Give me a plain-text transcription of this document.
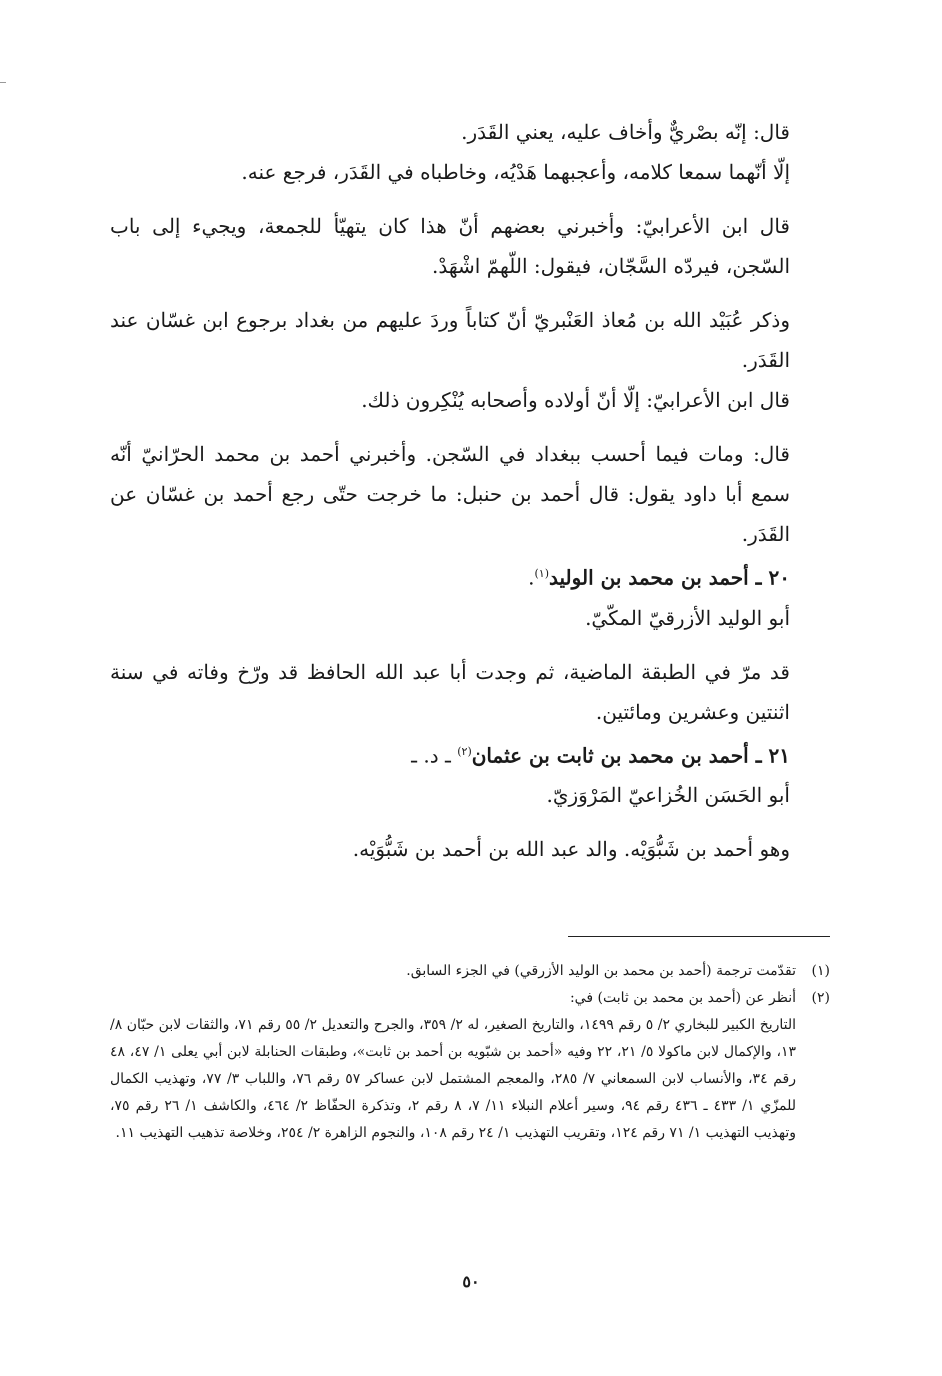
قال: إنّه بصْريٌّ وأخاف عليه، يعني القَدَر.

إلّا أنّهما سمعا كلامه، وأعجبهما هَدْيُه، وخاطباه في القَدَر، فرجع عنه.

قال ابن الأعرابيّ: وأخبرني بعضهم أنّ هذا كان يتهيّأ للجمعة، ويجيء إلى باب السّجن، فيردّه السَّجّان، فيقول: اللّهمّ اشْهَدْ.

وذكر عُبَيْد الله بن مُعاذ العَنْبريّ أنّ كتاباً وردَ عليهم من بغداد برجوع ابن غسّان عند القَدَر.

قال ابن الأعرابيّ: إلّا أنّ أولاده وأصحابه يُنْكِرون ذلك.

قال: ومات فيما أحسب ببغداد في السّجن. وأخبرني أحمد بن محمد الحرّانيّ أنّه سمع أبا داود يقول: قال أحمد بن حنبل: ما خرجت حتّى رجع أحمد بن غسّان عن القَدَر.

٢٠ ـ أحمد بن محمد بن الوليد$^{(١)}$.

أبو الوليد الأزرقيّ المكّيّ.

قد مرّ في الطبقة الماضية، ثم وجدت أبا عبد الله الحافظ قد ورّخ وفاته في سنة اثنتين وعشرين ومائتين.

٢١ ـ أحمد بن محمد بن ثابت بن عثمان$^{(٢)}$ ـ د. ـ

أبو الحَسَن الخُزاعيّ المَرْوَزيّ.

وهو أحمد بن شَبُّوَيْه. والد عبد الله بن أحمد بن شَبُّوَيْه.

(١)تقدّمت ترجمة (أحمد بن محمد بن الوليد الأزرقي) في الجزء السابق.

(٢)أنظر عن (أحمد بن محمد بن ثابت) في:

التاريخ الكبير للبخاري ٢/ ٥ رقم ١٤٩٩، والتاريخ الصغير، له ٢/ ٣٥٩، والجرح والتعديل ٢/ ٥٥ رقم ٧١، والثقات لابن حبّان ٨/ ١٣، والإكمال لابن ماكولا ٥/ ٢١، ٢٢ وفيه «أحمد بن شبّويه بن أحمد بن ثابت»، وطبقات الحنابلة لابن أبي يعلى ١/ ٤٧، ٤٨ رقم ٣٤، والأنساب لابن السمعاني ٧/ ٢٨٥، والمعجم المشتمل لابن عساكر ٥٧ رقم ٧٦، واللباب ٣/ ٧٧، وتهذيب الكمال للمزّي ١/ ٤٣٣ ـ ٤٣٦ رقم ٩٤، وسير أعلام النبلاء ١١/ ٧، ٨ رقم ٢، وتذكرة الحفّاظ ٢/ ٤٦٤، والكاشف ١/ ٢٦ رقم ٧٥، وتهذيب التهذيب ١/ ٧١ رقم ١٢٤، وتقريب التهذيب ١/ ٢٤ رقم ١٠٨، والنجوم الزاهرة ٢/ ٢٥٤، وخلاصة تذهيب التهذيب ١١.

٥٠
